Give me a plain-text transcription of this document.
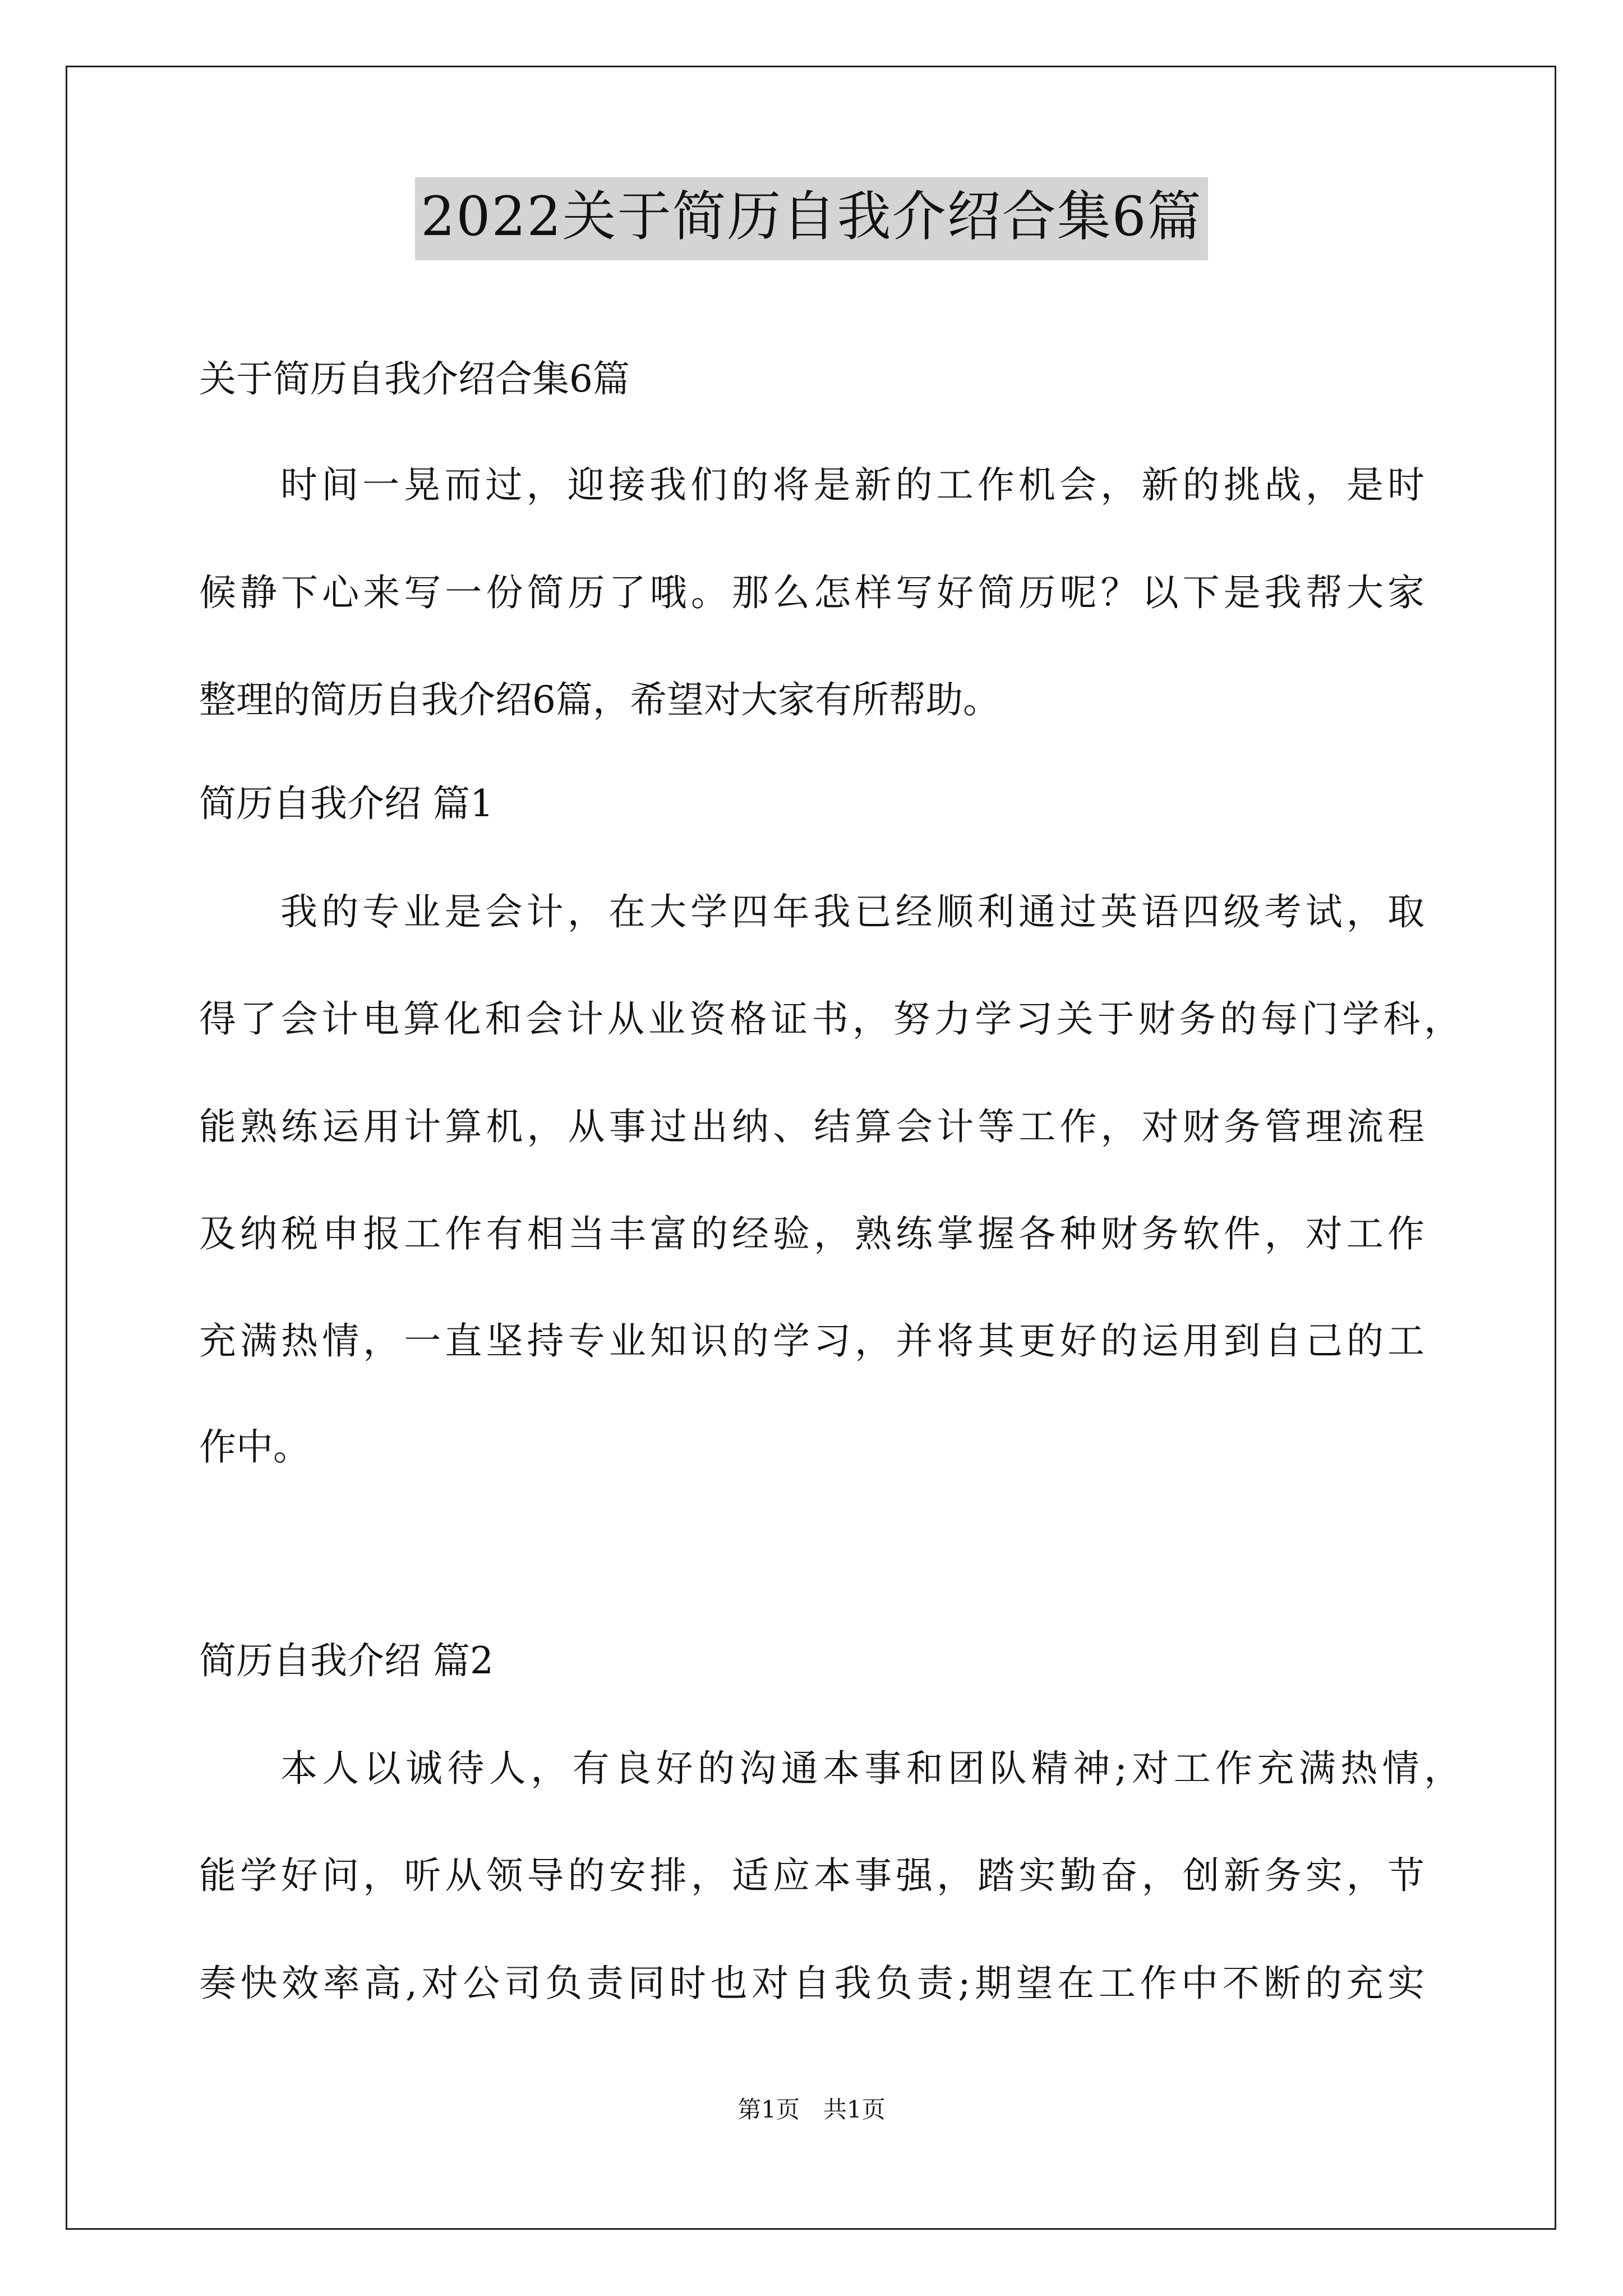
2022关于简历自我介绍合集6篇
关于简历自我介绍合集6篇
时间一晃而过，迎接我们的将是新的工作机会，新的挑战，是时
候静下心来写一份简历了哦。那么怎样写好简历呢？以下是我帮大家
整理的简历自我介绍6篇，希望对大家有所帮助。
简历自我介绍 篇1
我的专业是会计，在大学四年我已经顺利通过英语四级考试，取
得了会计电算化和会计从业资格证书，努力学习关于财务的每门学科，
能熟练运用计算机，从事过出纳、结算会计等工作，对财务管理流程
及纳税申报工作有相当丰富的经验，熟练掌握各种财务软件，对工作
充满热情，一直坚持专业知识的学习，并将其更好的运用到自己的工
作中。
简历自我介绍 篇2
本人以诚待人，有良好的沟通本事和团队精神;对工作充满热情，
能学好问，听从领导的安排，适应本事强，踏实勤奋，创新务实，节
奏快效率高,对公司负责同时也对自我负责;期望在工作中不断的充实
第1页　共1页
